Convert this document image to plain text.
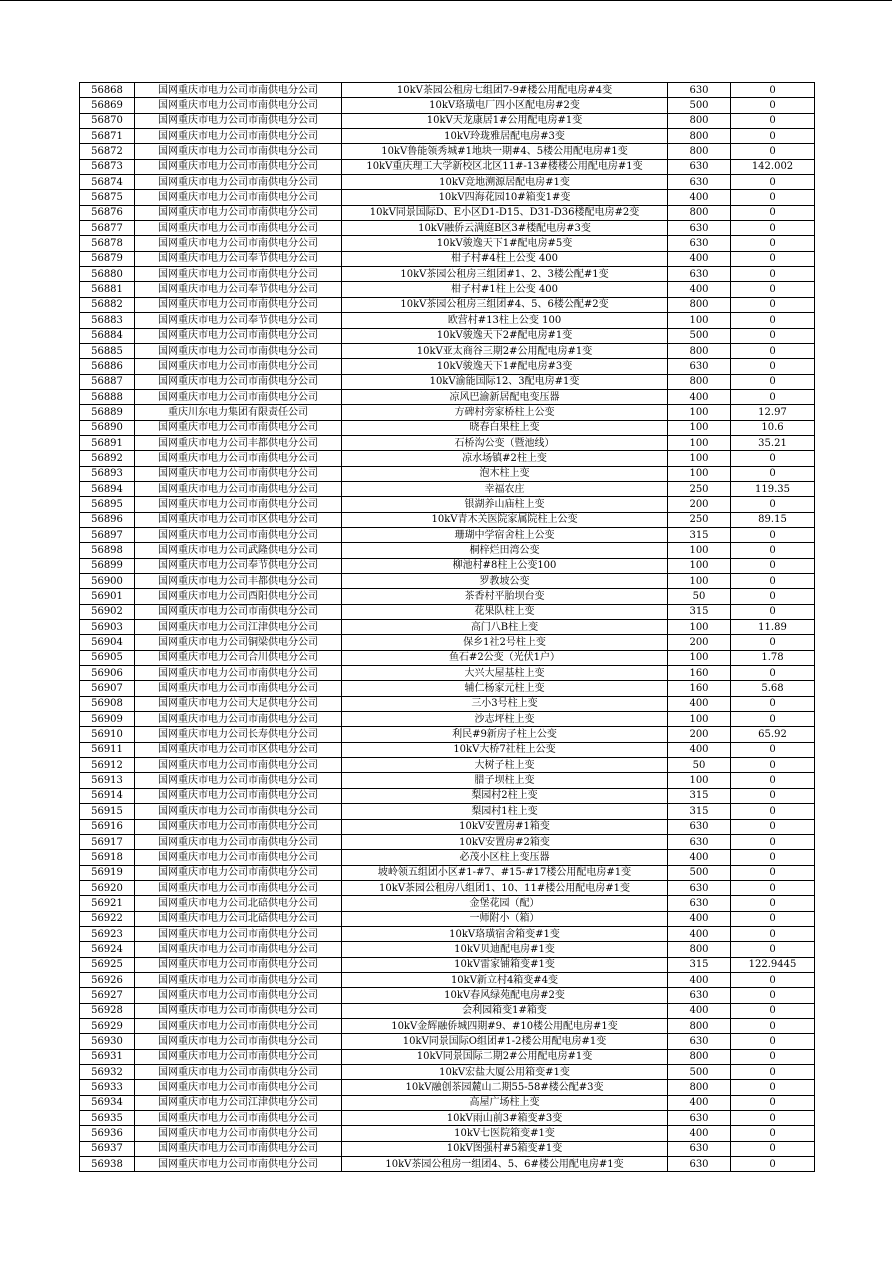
56868	国网重庆市电力公司市南供电分公司	10kV茶园公租房七组团7-9#楼公用配电房#4变	630	0
56869	国网重庆市电力公司市南供电分公司	10kV珞璜电厂四小区配电房#2变	500	0
56870	国网重庆市电力公司市南供电分公司	10kV天龙康居1#公用配电房#1变	800	0
56871	国网重庆市电力公司市南供电分公司	10kV玲珑雅居配电房#3变	800	0
56872	国网重庆市电力公司市南供电分公司	10kV鲁能领秀城#1地块一期#4、5楼公用配电房#1变	800	0
56873	国网重庆市电力公司市南供电分公司	10kV重庆理工大学新校区北区11#-13#楼楼公用配电房#1变	630	142.002
56874	国网重庆市电力公司市南供电分公司	10kV竞地溯源居配电房#1变	630	0
56875	国网重庆市电力公司市南供电分公司	10kV四海花园10#箱变1#变	400	0
56876	国网重庆市电力公司市南供电分公司	10kV同景国际D、E小区D1-D15、D31-D36楼配电房#2变	800	0
56877	国网重庆市电力公司市南供电分公司	10kV融侨云满庭B区3#楼配电房#3变	630	0
56878	国网重庆市电力公司市南供电分公司	10kV骏逸天下1#配电房#5变	630	0
56879	国网重庆市电力公司奉节供电分公司	柑子村#4柱上公变 400	400	0
56880	国网重庆市电力公司市南供电分公司	10kV茶园公租房三组团#1、2、3楼公配#1变	630	0
56881	国网重庆市电力公司奉节供电分公司	柑子村#1柱上公变 400	400	0
56882	国网重庆市电力公司市南供电分公司	10kV茶园公租房三组团#4、5、6楼公配#2变	800	0
56883	国网重庆市电力公司奉节供电分公司	欧营村#13柱上公变 100	100	0
56884	国网重庆市电力公司市南供电分公司	10kV骏逸天下2#配电房#1变	500	0
56885	国网重庆市电力公司市南供电分公司	10kV亚太商谷三期2#公用配电房#1变	800	0
56886	国网重庆市电力公司市南供电分公司	10kV骏逸天下1#配电房#3变	630	0
56887	国网重庆市电力公司市南供电分公司	10kV渝能国际12、3配电房#1变	800	0
56888	国网重庆市电力公司市南供电分公司	凉风巴渝新居配电变压器	400	0
56889	重庆川东电力集团有限责任公司	方碑村旁家桥柱上公变	100	12.97
56890	国网重庆市电力公司市南供电分公司	晓春白果柱上变	100	10.6
56891	国网重庆市电力公司丰都供电分公司	石桥沟公变（暨池线）	100	35.21
56892	国网重庆市电力公司市南供电分公司	凉水场镇#2柱上变	100	0
56893	国网重庆市电力公司市南供电分公司	泡木柱上变	100	0
56894	国网重庆市电力公司市南供电分公司	幸福农庄	250	119.35
56895	国网重庆市电力公司市南供电分公司	银湖养山庙柱上变	200	0
56896	国网重庆市电力公司市区供电分公司	10kV青木关医院家属院柱上公变	250	89.15
56897	国网重庆市电力公司市南供电分公司	珊瑚中学宿舍柱上公变	315	0
56898	国网重庆市电力公司武隆供电分公司	桐梓烂田湾公变	100	0
56899	国网重庆市电力公司奉节供电分公司	柳池村#8柱上公变100	100	0
56900	国网重庆市电力公司丰都供电分公司	罗教坡公变	100	0
56901	国网重庆市电力公司酉阳供电分公司	茶香村平胎坝台变	50	0
56902	国网重庆市电力公司市南供电分公司	花果队柱上变	315	0
56903	国网重庆市电力公司江津供电分公司	高门八B柱上变	100	11.89
56904	国网重庆市电力公司铜梁供电分公司	保乡1社2号柱上变	200	0
56905	国网重庆市电力公司合川供电分公司	鱼石#2公变（光伏1户）	100	1.78
56906	国网重庆市电力公司市南供电分公司	大兴大屋基柱上变	160	0
56907	国网重庆市电力公司市南供电分公司	辅仁杨家元柱上变	160	5.68
56908	国网重庆市电力公司大足供电分公司	三小3号柱上变	400	0
56909	国网重庆市电力公司市南供电分公司	沙志坪柱上变	100	0
56910	国网重庆市电力公司长寿供电分公司	利民#9新房子柱上公变	200	65.92
56911	国网重庆市电力公司市区供电分公司	10kV大桥7社柱上公变	400	0
56912	国网重庆市电力公司市南供电分公司	大树子柱上变	50	0
56913	国网重庆市电力公司市南供电分公司	腊子坝柱上变	100	0
56914	国网重庆市电力公司市南供电分公司	梨园村2柱上变	315	0
56915	国网重庆市电力公司市南供电分公司	梨园村1柱上变	315	0
56916	国网重庆市电力公司市南供电分公司	10kV安置房#1箱变	630	0
56917	国网重庆市电力公司市南供电分公司	10kV安置房#2箱变	630	0
56918	国网重庆市电力公司市南供电分公司	必茂小区柱上变压器	400	0
56919	国网重庆市电力公司市南供电分公司	坡岭领五组团小区#1-#7、#15-#17楼公用配电房#1变	500	0
56920	国网重庆市电力公司市南供电分公司	10kV茶园公租房八组团1、10、11#楼公用配电房#1变	630	0
56921	国网重庆市电力公司北碚供电分公司	金堡花园（配）	630	0
56922	国网重庆市电力公司北碚供电分公司	一师附小（箱）	400	0
56923	国网重庆市电力公司市南供电分公司	10kV珞璜宿舍箱变#1变	400	0
56924	国网重庆市电力公司市南供电分公司	10kV贝迪配电房#1变	800	0
56925	国网重庆市电力公司市南供电分公司	10kV雷家铺箱变#1变	315	122.9445
56926	国网重庆市电力公司市南供电分公司	10kV新立村4箱变#4变	400	0
56927	国网重庆市电力公司市南供电分公司	10kV春风绿苑配电房#2变	630	0
56928	国网重庆市电力公司市南供电分公司	会利园箱变1#箱变	400	0
56929	国网重庆市电力公司市南供电分公司	10kV金辉融侨城四期#9、#10楼公用配电房#1变	800	0
56930	国网重庆市电力公司市南供电分公司	10kV同景国际O组团#1-2楼公用配电房#1变	630	0
56931	国网重庆市电力公司市南供电分公司	10kV同景国际二期2#公用配电房#1变	800	0
56932	国网重庆市电力公司市南供电分公司	10kV宏盐大厦公用箱变#1变	500	0
56933	国网重庆市电力公司市南供电分公司	10kV融创茶园麓山二期55-58#楼公配#3变	800	0
56934	国网重庆市电力公司江津供电分公司	高屋广场柱上变	400	0
56935	国网重庆市电力公司市南供电分公司	10kV雨山前3#箱变#3变	630	0
56936	国网重庆市电力公司市南供电分公司	10kV七医院箱变#1变	400	0
56937	国网重庆市电力公司市南供电分公司	10kV图强村#5箱变#1变	630	0
56938	国网重庆市电力公司市南供电分公司	10kV茶园公租房一组团4、5、6#楼公用配电房#1变	630	0
